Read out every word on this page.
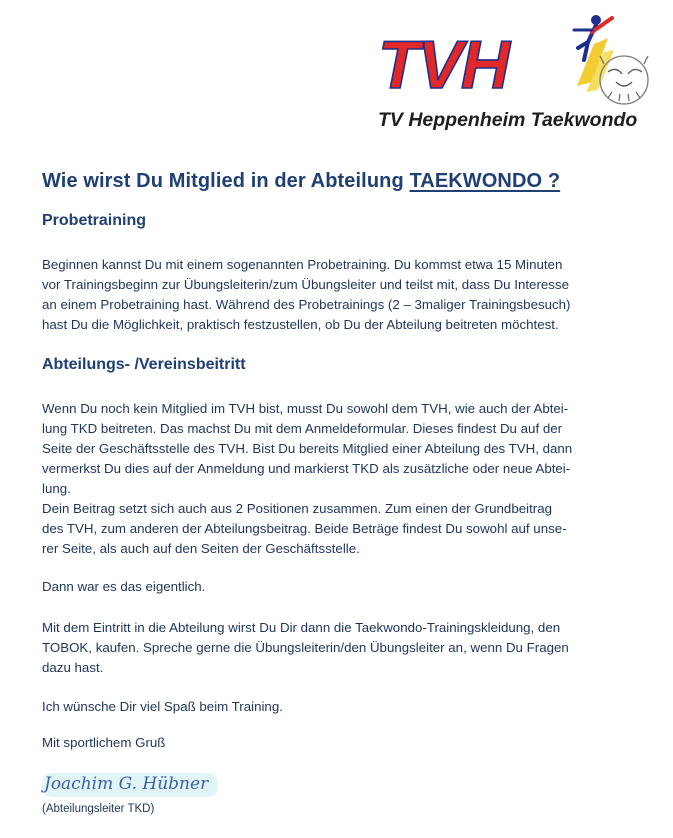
TVH
TV Heppenheim Taekwondo
Wie wirst Du Mitglied in der Abteilung TAEKWONDO ?
Probetraining

Beginnen kannst Du mit einem sogenannten Probetraining. Du kommst etwa 15 Minuten
vor Trainingsbeginn zur Übungsleiterin/zum Übungsleiter und teilst mit, dass Du Interesse
an einem Probetraining hast. Während des Probetrainings (2 – 3maliger Trainingsbesuch)
hast Du die Möglichkeit, praktisch festzustellen, ob Du der Abteilung beitreten möchtest.

Abteilungs- /Vereinsbeitritt

Wenn Du noch kein Mitglied im TVH bist, musst Du sowohl dem TVH, wie auch der Abtei-
lung TKD beitreten. Das machst Du mit dem Anmeldeformular. Dieses findest Du auf der
Seite der Geschäftsstelle des TVH. Bist Du bereits Mitglied einer Abteilung des TVH, dann
vermerkst Du dies auf der Anmeldung und markierst TKD als zusätzliche oder neue Abtei-
lung.
Dein Beitrag setzt sich auch aus 2 Positionen zusammen. Zum einen der Grundbeitrag
des TVH, zum anderen der Abteilungsbeitrag. Beide Beträge findest Du sowohl auf unse-
rer Seite, als auch auf den Seiten der Geschäftsstelle.

Dann war es das eigentlich.

Mit dem Eintritt in die Abteilung wirst Du Dir dann die Taekwondo-Trainingskleidung, den
TOBOK, kaufen. Spreche gerne die Übungsleiterin/den Übungsleiter an, wenn Du Fragen
dazu hast.

Ich wünsche Dir viel Spaß beim Training.

Mit sportlichem Gruß

Joachim G. Hübner

(Abteilungsleiter TKD)
